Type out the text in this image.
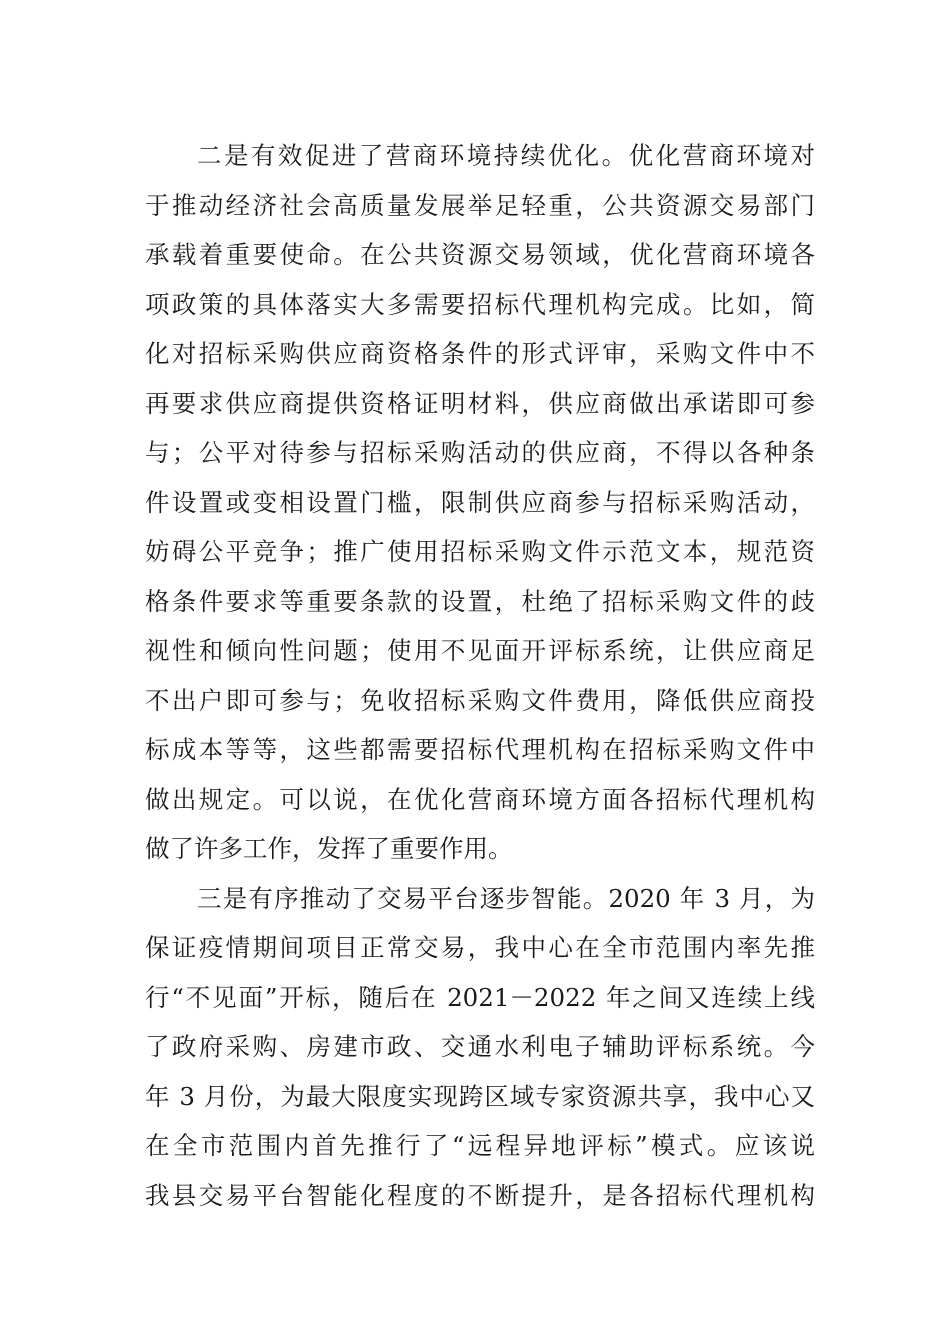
二是有效促进了营商环境持续优化。优化营商环境对
于推动经济社会高质量发展举足轻重，公共资源交易部门
承载着重要使命。在公共资源交易领域，优化营商环境各
项政策的具体落实大多需要招标代理机构完成。比如，简
化对招标采购供应商资格条件的形式评审，采购文件中不
再要求供应商提供资格证明材料，供应商做出承诺即可参
与；公平对待参与招标采购活动的供应商，不得以各种条
件设置或变相设置门槛，限制供应商参与招标采购活动，
妨碍公平竞争；推广使用招标采购文件示范文本，规范资
格条件要求等重要条款的设置，杜绝了招标采购文件的歧
视性和倾向性问题；使用不见面开评标系统，让供应商足
不出户即可参与；免收招标采购文件费用，降低供应商投
标成本等等，这些都需要招标代理机构在招标采购文件中
做出规定。可以说，在优化营商环境方面各招标代理机构
做了许多工作，发挥了重要作用。
三是有序推动了交易平台逐步智能。2020 年 3 月，为
保证疫情期间项目正常交易，我中心在全市范围内率先推
行“不见面”开标，随后在 2021－2022 年之间又连续上线
了政府采购、房建市政、交通水利电子辅助评标系统。今
年 3 月份，为最大限度实现跨区域专家资源共享，我中心又
在全市范围内首先推行了“远程异地评标”模式。应该说
我县交易平台智能化程度的不断提升，是各招标代理机构
